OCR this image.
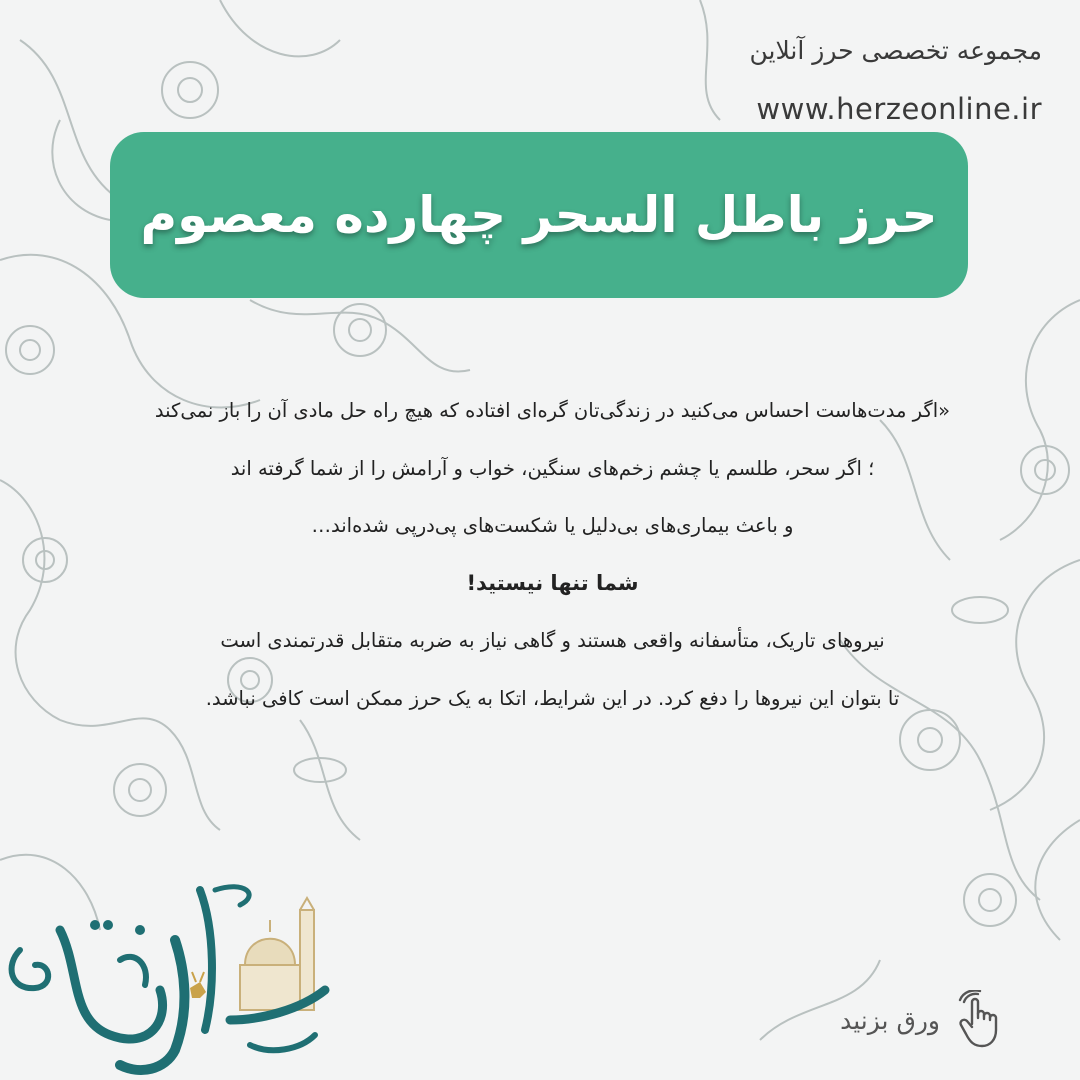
مجموعه تخصصی حرز آنلاین
www.herzeonline.ir
حرز باطل السحر چهارده معصوم
«اگر مدت‌هاست احساس می‌کنید در زندگی‌تان گره‌ای افتاده که هیچ راه حل مادی آن را باز نمی‌کند
؛ اگر سحر، طلسم یا چشم زخم‌های سنگین، خواب و آرامش را از شما گرفته اند
و باعث بیماری‌های بی‌دلیل یا شکست‌های پی‌درپی شده‌اند…
شما تنها نیستید!
نیروهای تاریک، متأسفانه واقعی هستند و گاهی نیاز به ضربه متقابل قدرتمندی است
تا بتوان این نیروها را دفع کرد. در این شرایط، اتکا به یک حرز ممکن است کافی نباشد.
ورق بزنید
